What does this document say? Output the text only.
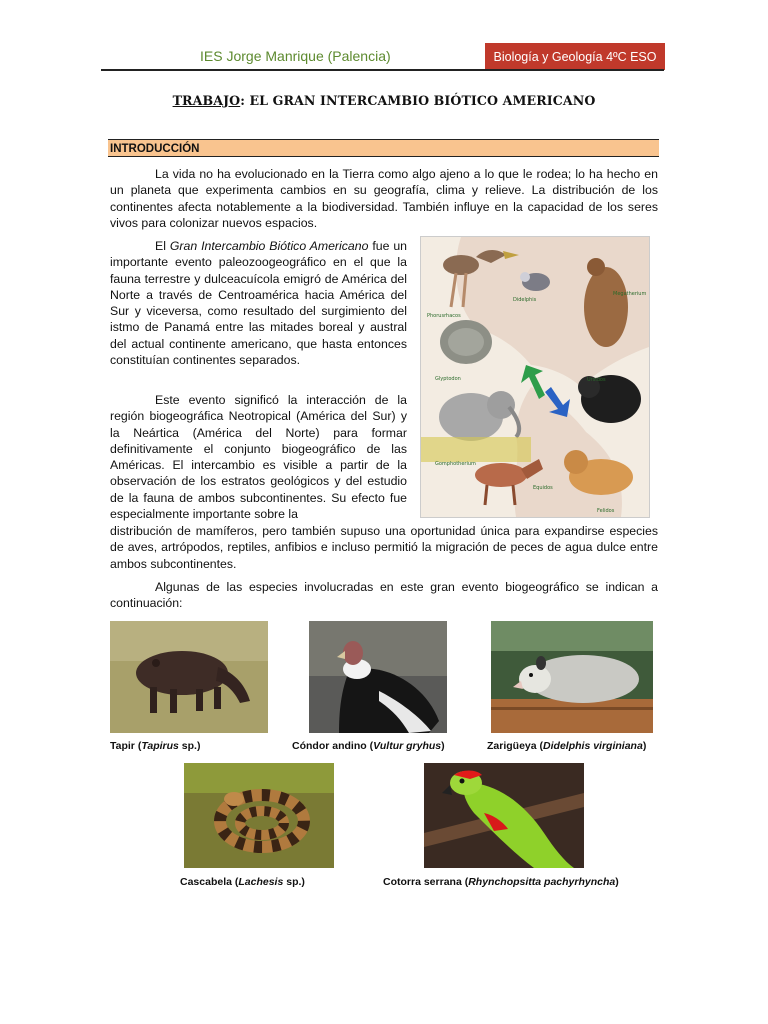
IES Jorge Manrique (Palencia)	Biología y Geología 4ºC ESO
TRABAJO: EL GRAN INTERCAMBIO BIÓTICO AMERICANO
INTRODUCCIÓN
La vida no ha evolucionado en la Tierra como algo ajeno a lo que le rodea; lo ha hecho en un planeta que experimenta cambios en su geografía, clima y relieve. La distribución de los continentes afecta notablemente a la biodiversidad. También influye en la capacidad de los seres vivos para colonizar nuevos espacios.
El Gran Intercambio Biótico Americano fue un importante evento paleozoogeográfico en el que la fauna terrestre y dulceacuícola emigró de América del Norte a través de Centroamérica hacia América del Sur y viceversa, como resultado del surgimiento del istmo de Panamá entre las mitades boreal y austral del actual continente americano, que hasta entonces constituían continentes separados.
Este evento significó la interacción de la región biogeográfica Neotropical (América del Sur) y la Neártica (América del Norte) para formar definitivamente el conjunto biogeográfico de las Américas. El intercambio es visible a partir de la observación de los estratos geológicos y del estudio de la fauna de ambos subcontinentes. Su efecto fue especialmente importante sobre la
distribución de mamíferos, pero también supuso una oportunidad única para expandirse especies de aves, artrópodos, reptiles, anfibios e incluso permitió la migración de peces de agua dulce entre ambos subcontinentes.
Algunas de las especies involucradas en este gran evento biogeográfico se indican a continuación:
Phorusrhacos
Didelphis
Megatherium
Glyptodon	Ursidos
Gomphotherium
Equidos
Felidos
Tapir (Tapirus sp.)	Cóndor andino (Vultur gryhus)	Zarigüeya (Didelphis virginiana)
Cascabela (Lachesis sp.)	Cotorra serrana (Rhynchopsitta pachyrhyncha)
